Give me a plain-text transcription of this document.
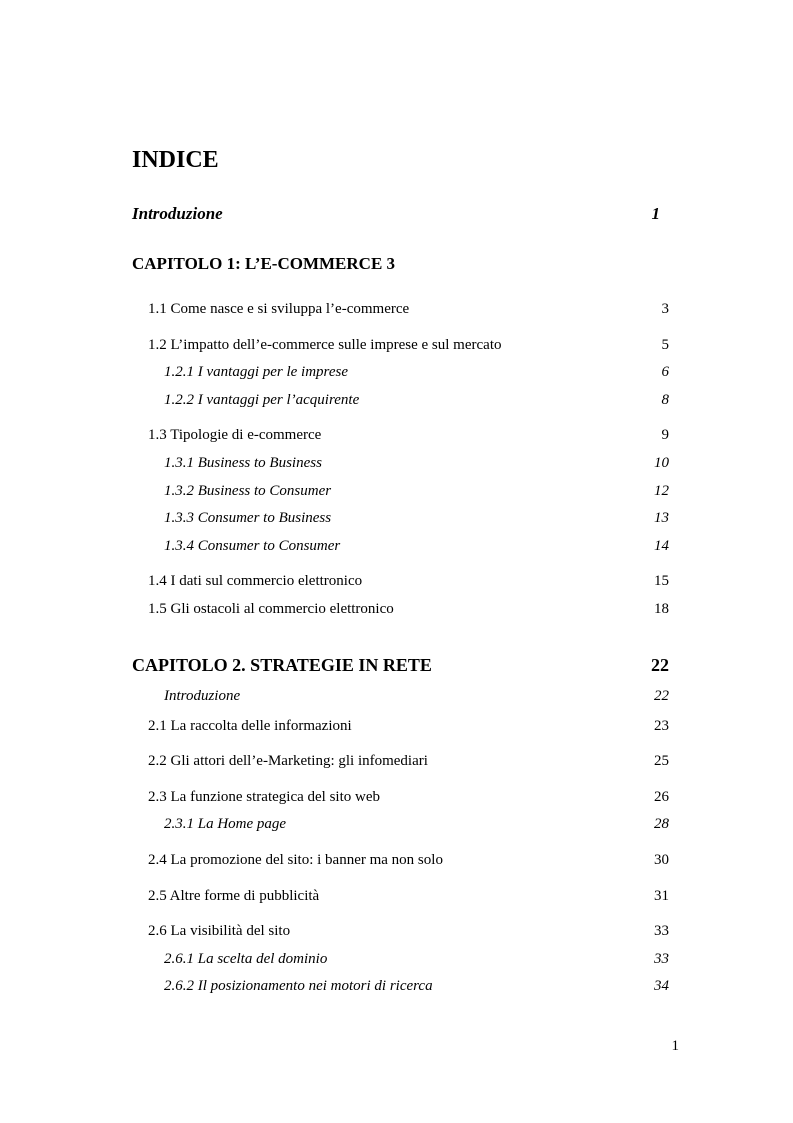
INDICE
Introduzione	1
CAPITOLO 1: L’E-COMMERCE 3
1.1 Come nasce e si sviluppa l’e-commerce	3
1.2 L’impatto dell’e-commerce sulle imprese e sul mercato	5
1.2.1 I vantaggi per le imprese	6
1.2.2 I vantaggi per l’acquirente	8
1.3 Tipologie di e-commerce	9
1.3.1 Business to Business	10
1.3.2 Business to Consumer	12
1.3.3 Consumer to Business	13
1.3.4 Consumer to Consumer	14
1.4 I dati sul commercio elettronico	15
1.5 Gli ostacoli al commercio elettronico	18
CAPITOLO 2. STRATEGIE IN RETE	22
Introduzione	22
2.1 La raccolta delle informazioni	23
2.2 Gli attori dell’e-Marketing: gli infomediari	25
2.3 La funzione strategica del sito web	26
2.3.1 La Home page	28
2.4 La promozione del sito: i banner ma non solo	30
2.5 Altre forme di pubblicità	31
2.6 La visibilità del sito	33
2.6.1 La scelta del dominio	33
2.6.2 Il posizionamento nei motori di ricerca	34
1
